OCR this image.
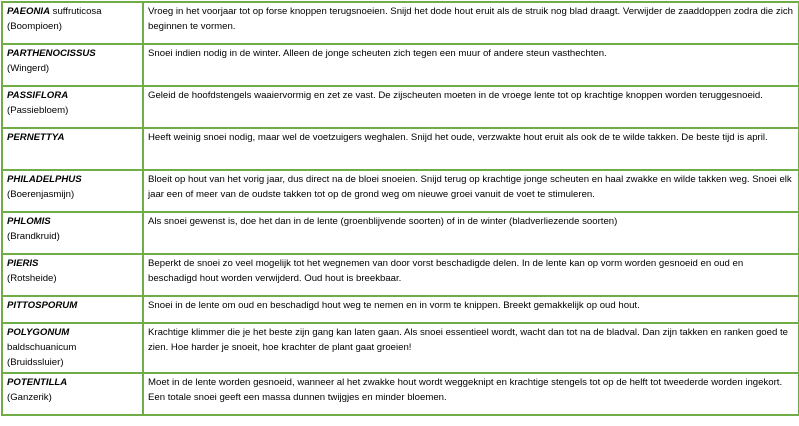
PAEONIA suffruticosa
(Boompioen)	Vroeg in het voorjaar tot op forse knoppen terugsnoeien. Snijd het dode hout eruit als de struik nog blad draagt. Verwijder de zaaddoppen zodra die zich beginnen te vormen.
PARTHENOCISSUS
(Wingerd)	Snoei indien nodig in de winter. Alleen de jonge scheuten zich tegen een muur of andere steun vasthechten.
PASSIFLORA
(Passiebloem)	Geleid de hoofdstengels waaiervormig en zet ze vast. De zijscheuten moeten in de vroege lente tot op krachtige knoppen worden teruggesnoeid.
PERNETTYA	Heeft weinig snoei nodig, maar wel de voetzuigers weghalen. Snijd het oude, verzwakte hout eruit als ook de te wilde takken. De beste tijd is april.
PHILADELPHUS
(Boerenjasmijn)	Bloeit op hout van het vorig jaar, dus direct na de bloei snoeien. Snijd terug op krachtige jonge scheuten en haal zwakke en wilde takken weg. Snoei elk jaar een of meer van de oudste takken tot op de grond weg om nieuwe groei vanuit de voet te stimuleren.
PHLOMIS
(Brandkruid)	Als snoei gewenst is, doe het dan in de lente (groenblijvende soorten) of in de winter (bladverliezende soorten)
PIERIS
(Rotsheide)	Beperkt de snoei zo veel mogelijk tot het wegnemen van door vorst beschadigde delen. In de lente kan op vorm worden gesnoeid en oud en beschadigd hout worden verwijderd. Oud hout is breekbaar.
PITTOSPORUM	Snoei in de lente om oud en beschadigd hout weg te nemen en in vorm te knippen. Breekt gemakkelijk op oud hout.
POLYGONUM baldschuanicum
(Bruidssluier)	Krachtige klimmer die je het beste zijn gang kan laten gaan. Als snoei essentieel wordt, wacht dan tot na de bladval. Dan zijn takken en ranken goed te zien. Hoe harder je snoeit, hoe krachter de plant gaat groeien!
POTENTILLA
(Ganzerik)	Moet in de lente worden gesnoeid, wanneer al het zwakke hout wordt weggeknipt en krachtige stengels tot op de helft tot tweederde worden ingekort. Een totale snoei geeft een massa dunnen twijgjes en minder bloemen.
